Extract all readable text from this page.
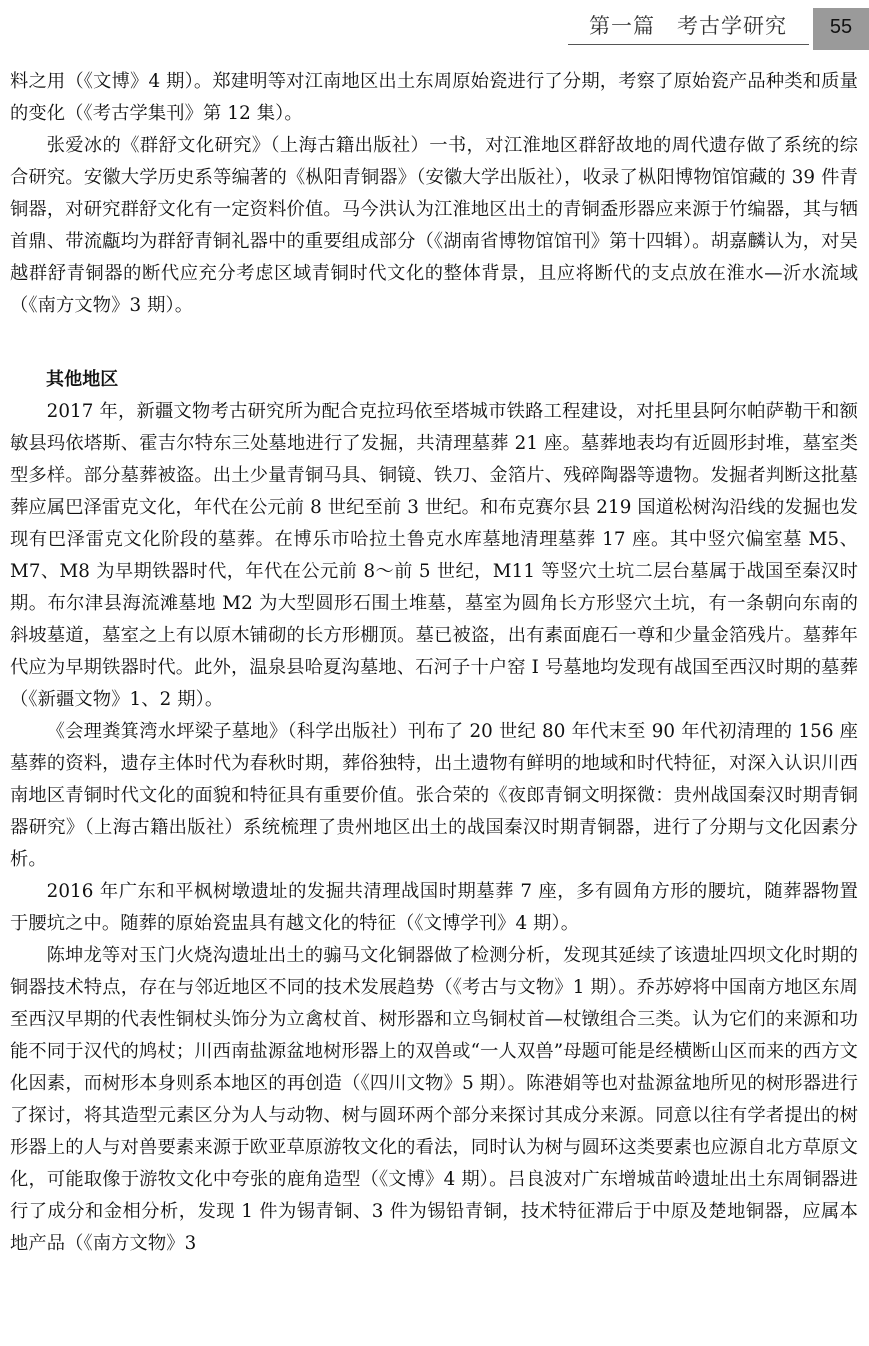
第一篇　考古学研究	55

料之用（《文博》4 期）。郑建明等对江南地区出土东周原始瓷进行了分期，考察了原始瓷产品种类和质量的变化（《考古学集刊》第 12 集）。

张爱冰的《群舒文化研究》（上海古籍出版社）一书，对江淮地区群舒故地的周代遗存做了系统的综合研究。安徽大学历史系等编著的《枞阳青铜器》（安徽大学出版社），收录了枞阳博物馆馆藏的 39 件青铜器，对研究群舒文化有一定资料价值。马今洪认为江淮地区出土的青铜盉形器应来源于竹编器，其与牺首鼎、带流甗均为群舒青铜礼器中的重要组成部分（《湖南省博物馆馆刊》第十四辑）。胡嘉麟认为，对吴越群舒青铜器的断代应充分考虑区域青铜时代文化的整体背景，且应将断代的支点放在淮水—沂水流域（《南方文物》3 期）。

其他地区

2017 年，新疆文物考古研究所为配合克拉玛依至塔城市铁路工程建设，对托里县阿尔帕萨勒干和额敏县玛依塔斯、霍吉尔特东三处墓地进行了发掘，共清理墓葬 21 座。墓葬地表均有近圆形封堆，墓室类型多样。部分墓葬被盗。出土少量青铜马具、铜镜、铁刀、金箔片、残碎陶器等遗物。发掘者判断这批墓葬应属巴泽雷克文化，年代在公元前 8 世纪至前 3 世纪。和布克赛尔县 219 国道松树沟沿线的发掘也发现有巴泽雷克文化阶段的墓葬。在博乐市哈拉土鲁克水库墓地清理墓葬 17 座。其中竖穴偏室墓 M5、M7、M8 为早期铁器时代，年代在公元前 8～前 5 世纪，M11 等竖穴土坑二层台墓属于战国至秦汉时期。布尔津县海流滩墓地 M2 为大型圆形石围土堆墓，墓室为圆角长方形竖穴土坑，有一条朝向东南的斜坡墓道，墓室之上有以原木铺砌的长方形棚顶。墓已被盗，出有素面鹿石一尊和少量金箔残片。墓葬年代应为早期铁器时代。此外，温泉县哈夏沟墓地、石河子十户窑 I 号墓地均发现有战国至西汉时期的墓葬（《新疆文物》1、2 期）。

《会理粪箕湾水坪梁子墓地》（科学出版社）刊布了 20 世纪 80 年代末至 90 年代初清理的 156 座墓葬的资料，遗存主体时代为春秋时期，葬俗独特，出土遗物有鲜明的地域和时代特征，对深入认识川西南地区青铜时代文化的面貌和特征具有重要价值。张合荣的《夜郎青铜文明探微：贵州战国秦汉时期青铜器研究》（上海古籍出版社）系统梳理了贵州地区出土的战国秦汉时期青铜器，进行了分期与文化因素分析。

2016 年广东和平枫树墩遗址的发掘共清理战国时期墓葬 7 座，多有圆角方形的腰坑，随葬器物置于腰坑之中。随葬的原始瓷盅具有越文化的特征（《文博学刊》4 期）。

陈坤龙等对玉门火烧沟遗址出土的骟马文化铜器做了检测分析，发现其延续了该遗址四坝文化时期的铜器技术特点，存在与邻近地区不同的技术发展趋势（《考古与文物》1 期）。乔苏婷将中国南方地区东周至西汉早期的代表性铜杖头饰分为立禽杖首、树形器和立鸟铜杖首—杖镦组合三类。认为它们的来源和功能不同于汉代的鸠杖；川西南盐源盆地树形器上的双兽或“一人双兽”母题可能是经横断山区而来的西方文化因素，而树形本身则系本地区的再创造（《四川文物》5 期）。陈港娟等也对盐源盆地所见的树形器进行了探讨，将其造型元素区分为人与动物、树与圆环两个部分来探讨其成分来源。同意以往有学者提出的树形器上的人与对兽要素来源于欧亚草原游牧文化的看法，同时认为树与圆环这类要素也应源自北方草原文化，可能取像于游牧文化中夸张的鹿角造型（《文博》4 期）。吕良波对广东增城苗岭遗址出土东周铜器进行了成分和金相分析，发现 1 件为锡青铜、3 件为锡铅青铜，技术特征滞后于中原及楚地铜器，应属本地产品（《南方文物》3
